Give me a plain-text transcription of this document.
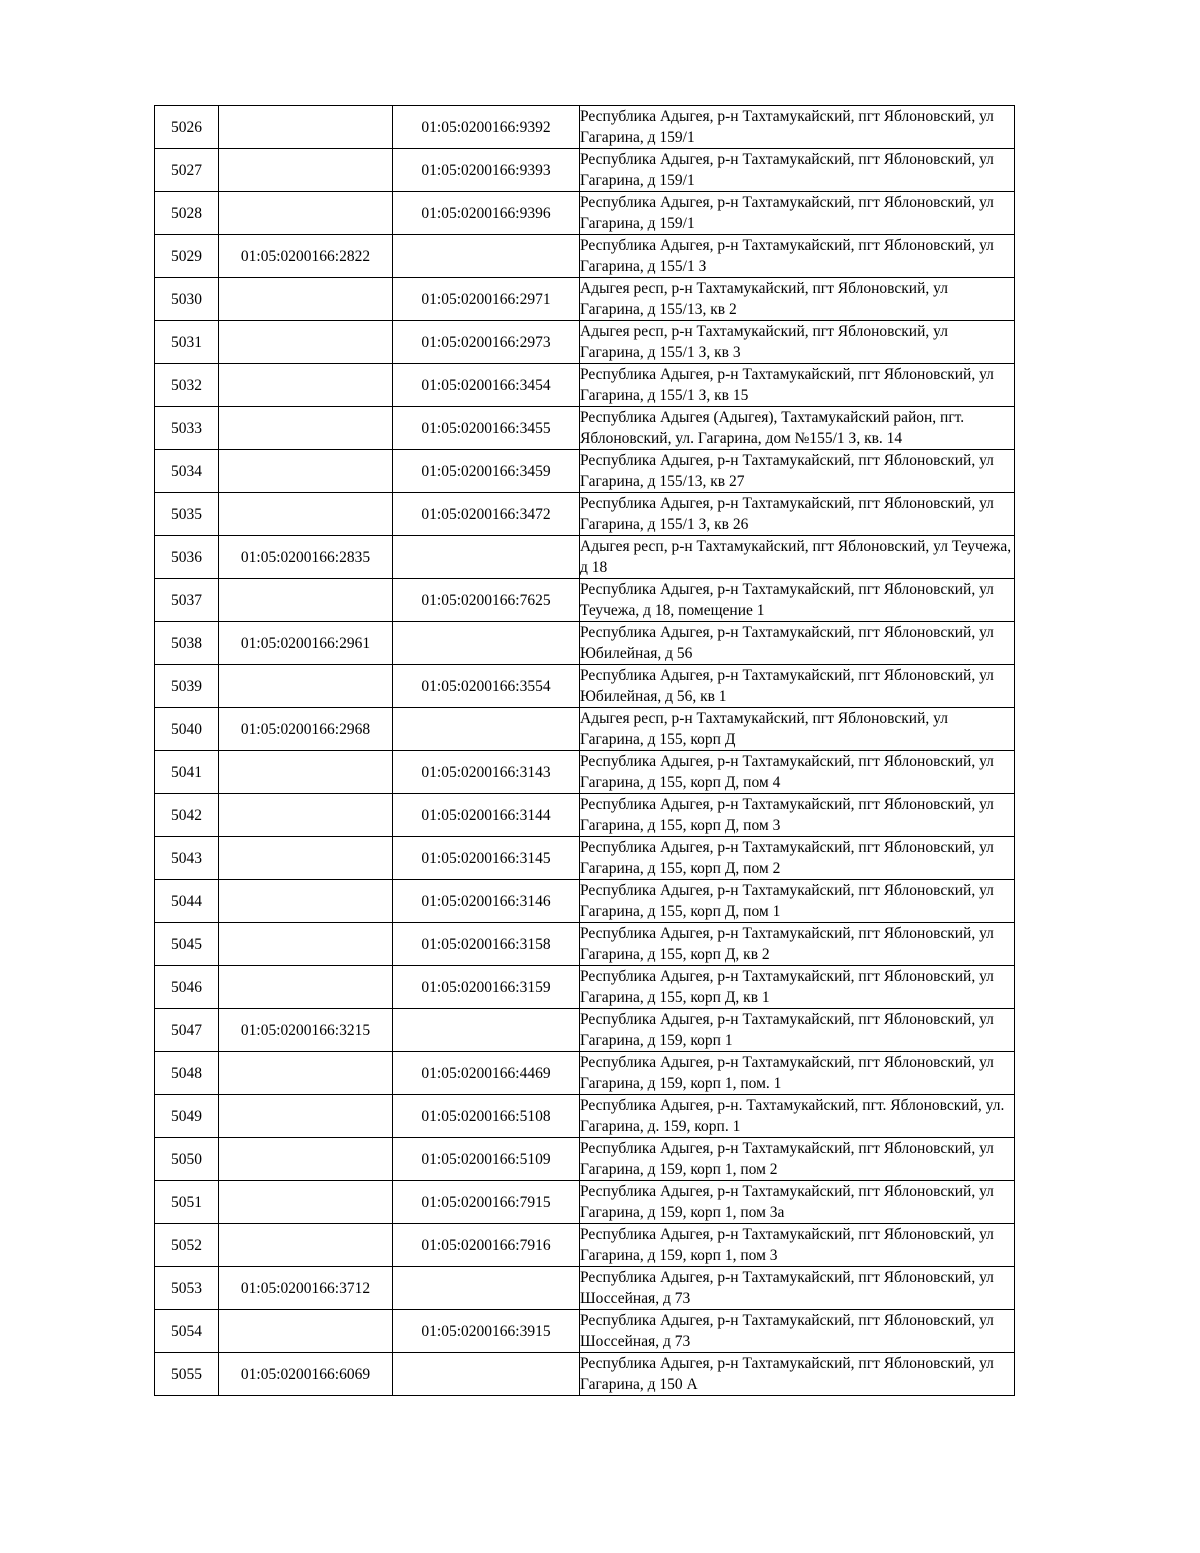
5026		01:05:0200166:9392	Республика Адыгея, р-н Тахтамукайский, пгт Яблоновский, ул Гагарина, д 159/1
5027		01:05:0200166:9393	Республика Адыгея, р-н Тахтамукайский, пгт Яблоновский, ул Гагарина, д 159/1
5028		01:05:0200166:9396	Республика Адыгея, р-н Тахтамукайский, пгт Яблоновский, ул Гагарина, д 159/1
5029	01:05:0200166:2822		Республика Адыгея, р-н Тахтамукайский, пгт Яблоновский, ул Гагарина, д 155/1 З
5030		01:05:0200166:2971	Адыгея респ, р-н Тахтамукайский, пгт Яблоновский, ул Гагарина, д 155/13, кв 2
5031		01:05:0200166:2973	Адыгея респ, р-н Тахтамукайский, пгт Яблоновский, ул Гагарина, д 155/1 З, кв 3
5032		01:05:0200166:3454	Республика Адыгея, р-н Тахтамукайский, пгт Яблоновский, ул Гагарина, д 155/1 З, кв 15
5033		01:05:0200166:3455	Республика Адыгея (Адыгея), Тахтамукайский район, пгт. Яблоновский, ул. Гагарина, дом №155/1 З, кв. 14
5034		01:05:0200166:3459	Республика Адыгея, р-н Тахтамукайский, пгт Яблоновский, ул Гагарина, д 155/13, кв 27
5035		01:05:0200166:3472	Республика Адыгея, р-н Тахтамукайский, пгт Яблоновский, ул Гагарина, д 155/1 З, кв 26
5036	01:05:0200166:2835		Адыгея респ, р-н Тахтамукайский, пгт Яблоновский, ул Теучежа, д 18
5037		01:05:0200166:7625	Республика Адыгея, р-н Тахтамукайский, пгт Яблоновский, ул Теучежа, д 18, помещение 1
5038	01:05:0200166:2961		Республика Адыгея, р-н Тахтамукайский, пгт Яблоновский, ул Юбилейная, д 56
5039		01:05:0200166:3554	Республика Адыгея, р-н Тахтамукайский, пгт Яблоновский, ул Юбилейная, д 56, кв 1
5040	01:05:0200166:2968		Адыгея респ, р-н Тахтамукайский, пгт Яблоновский, ул Гагарина, д 155, корп Д
5041		01:05:0200166:3143	Республика Адыгея, р-н Тахтамукайский, пгт Яблоновский, ул Гагарина, д 155, корп Д, пом 4
5042		01:05:0200166:3144	Республика Адыгея, р-н Тахтамукайский, пгт Яблоновский, ул Гагарина, д 155, корп Д, пом 3
5043		01:05:0200166:3145	Республика Адыгея, р-н Тахтамукайский, пгт Яблоновский, ул Гагарина, д 155, корп Д, пом 2
5044		01:05:0200166:3146	Республика Адыгея, р-н Тахтамукайский, пгт Яблоновский, ул Гагарина, д 155, корп Д, пом 1
5045		01:05:0200166:3158	Республика Адыгея, р-н Тахтамукайский, пгт Яблоновский, ул Гагарина, д 155, корп Д, кв 2
5046		01:05:0200166:3159	Республика Адыгея, р-н Тахтамукайский, пгт Яблоновский, ул Гагарина, д 155, корп Д, кв 1
5047	01:05:0200166:3215		Республика Адыгея, р-н Тахтамукайский, пгт Яблоновский, ул Гагарина, д 159, корп 1
5048		01:05:0200166:4469	Республика Адыгея, р-н Тахтамукайский, пгт Яблоновский, ул Гагарина, д 159, корп 1, пом. 1
5049		01:05:0200166:5108	Республика Адыгея, р-н. Тахтамукайский, пгт. Яблоновский, ул. Гагарина, д. 159, корп. 1
5050		01:05:0200166:5109	Республика Адыгея, р-н Тахтамукайский, пгт Яблоновский, ул Гагарина, д 159, корп 1, пом 2
5051		01:05:0200166:7915	Республика Адыгея, р-н Тахтамукайский, пгт Яблоновский, ул Гагарина, д 159, корп 1, пом 3а
5052		01:05:0200166:7916	Республика Адыгея, р-н Тахтамукайский, пгт Яблоновский, ул Гагарина, д 159, корп 1, пом 3
5053	01:05:0200166:3712		Республика Адыгея, р-н Тахтамукайский, пгт Яблоновский, ул Шоссейная, д 73
5054		01:05:0200166:3915	Республика Адыгея, р-н Тахтамукайский, пгт Яблоновский, ул Шоссейная, д 73
5055	01:05:0200166:6069		Республика Адыгея, р-н Тахтамукайский, пгт Яблоновский, ул Гагарина, д 150 А
